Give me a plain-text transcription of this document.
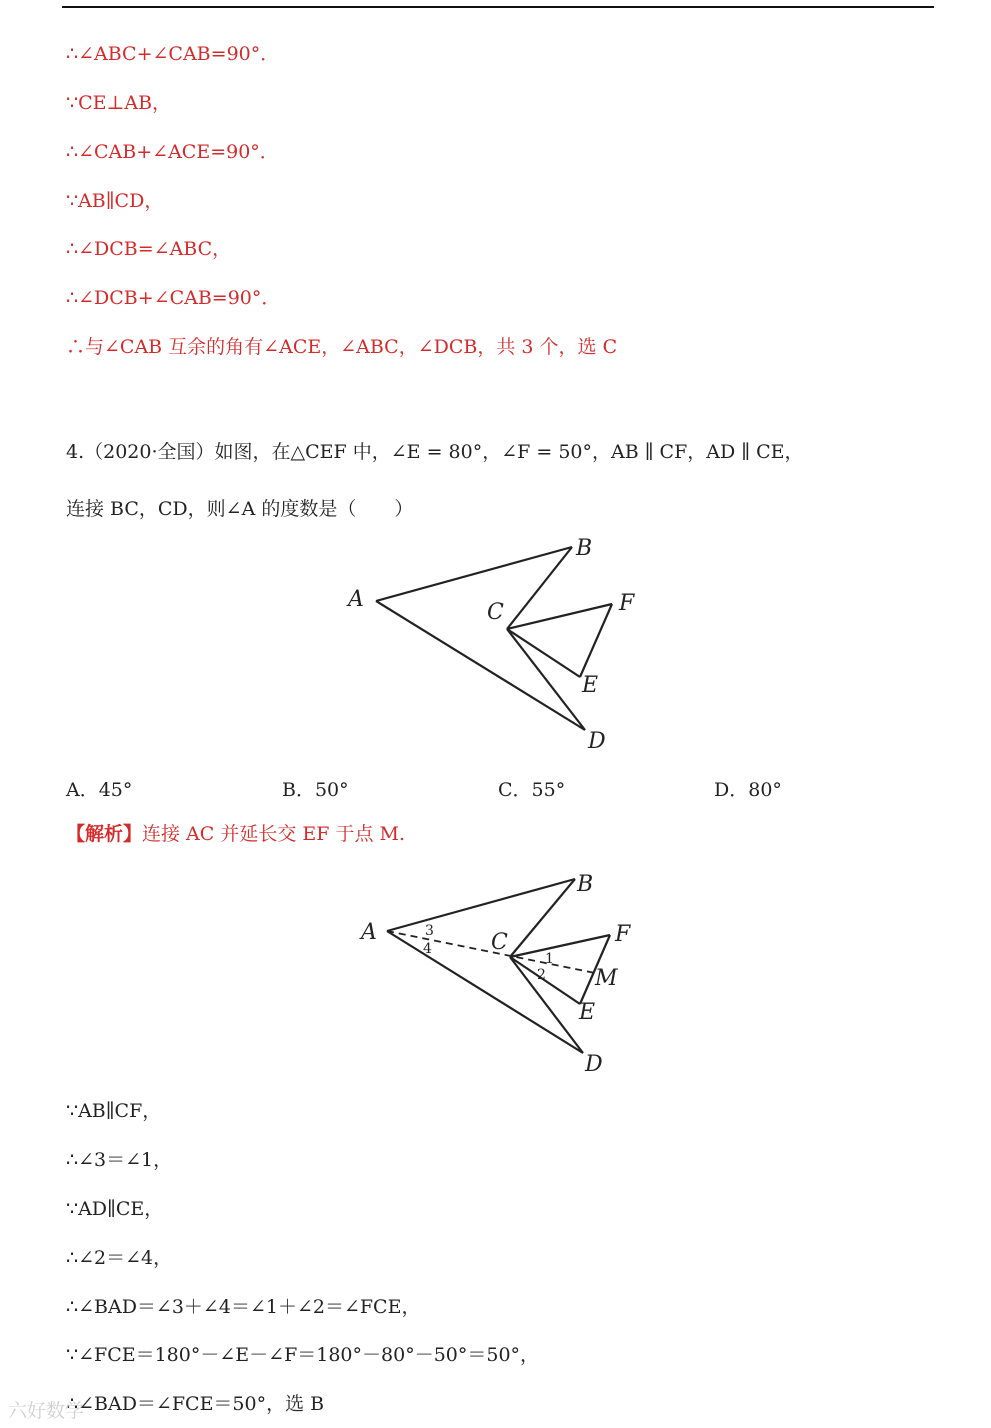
∴∠ABC+∠CAB=90°．
∵CE⊥AB，
∴∠CAB+∠ACE=90°．
∵AB∥CD，
∴∠DCB=∠ABC，
∴∠DCB+∠CAB=90°．
∴与∠CAB 互余的角有∠ACE，∠ABC，∠DCB，共 3 个，选 C
4.（2020·全国）如图，在△CEF 中，∠E = 80°，∠F = 50°，AB ∥ CF，AD ∥ CE，
连接 BC，CD，则∠A 的度数是（　　）
A
B
C	F
E
D
A．45°	B．50°	C．55°	D．80°
【解析】连接 AC 并延长交 EF 于点 M.
A
B
C	F
M
E
D
1
2
3
4
∵AB∥CF，
∴∠3＝∠1，
∵AD∥CE，
∴∠2＝∠4，
∴∠BAD＝∠3＋∠4＝∠1＋∠2＝∠FCE，
∵∠FCE＝180°－∠E－∠F＝180°－80°－50°＝50°，
∴∠BAD＝∠FCE＝50°，选 B
六好数学
